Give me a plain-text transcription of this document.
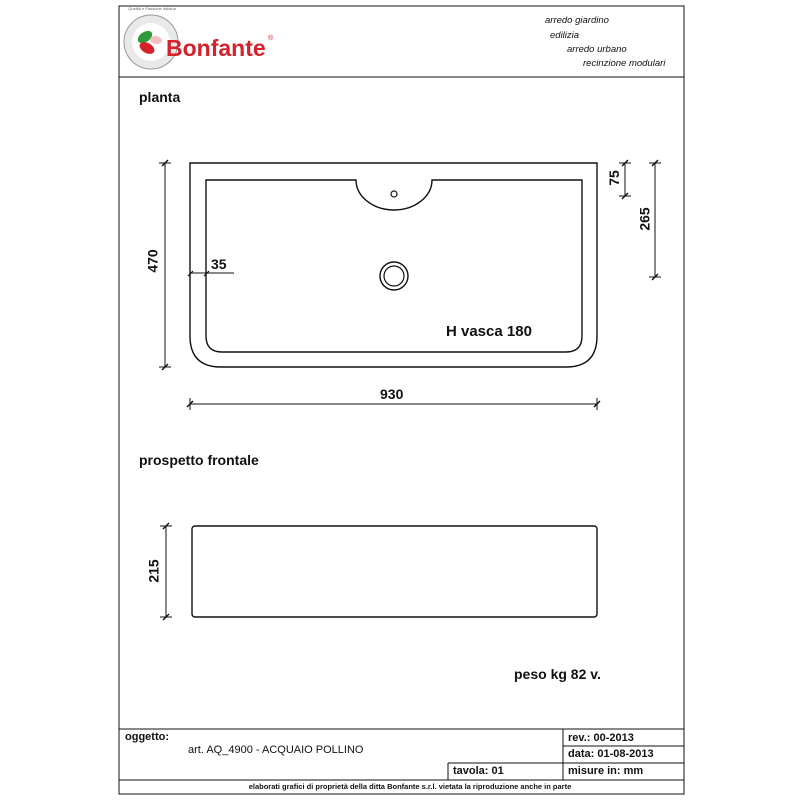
Bonfante ®
Qualità e Passione Italiana
arredo giardino
edilizia
arredo urbano
recinzione modulari
planta
prospetto frontale
930
470	35
75
265
H vasca 180
215
peso kg 82 v.
oggetto:
art. AQ_4900 - ACQUAIO POLLINO
rev.: 00-2013
data: 01-08-2013
tavola: 01	misure in: mm
elaborati grafici di proprietà della ditta Bonfante s.r.l. vietata la riproduzione anche in parte
